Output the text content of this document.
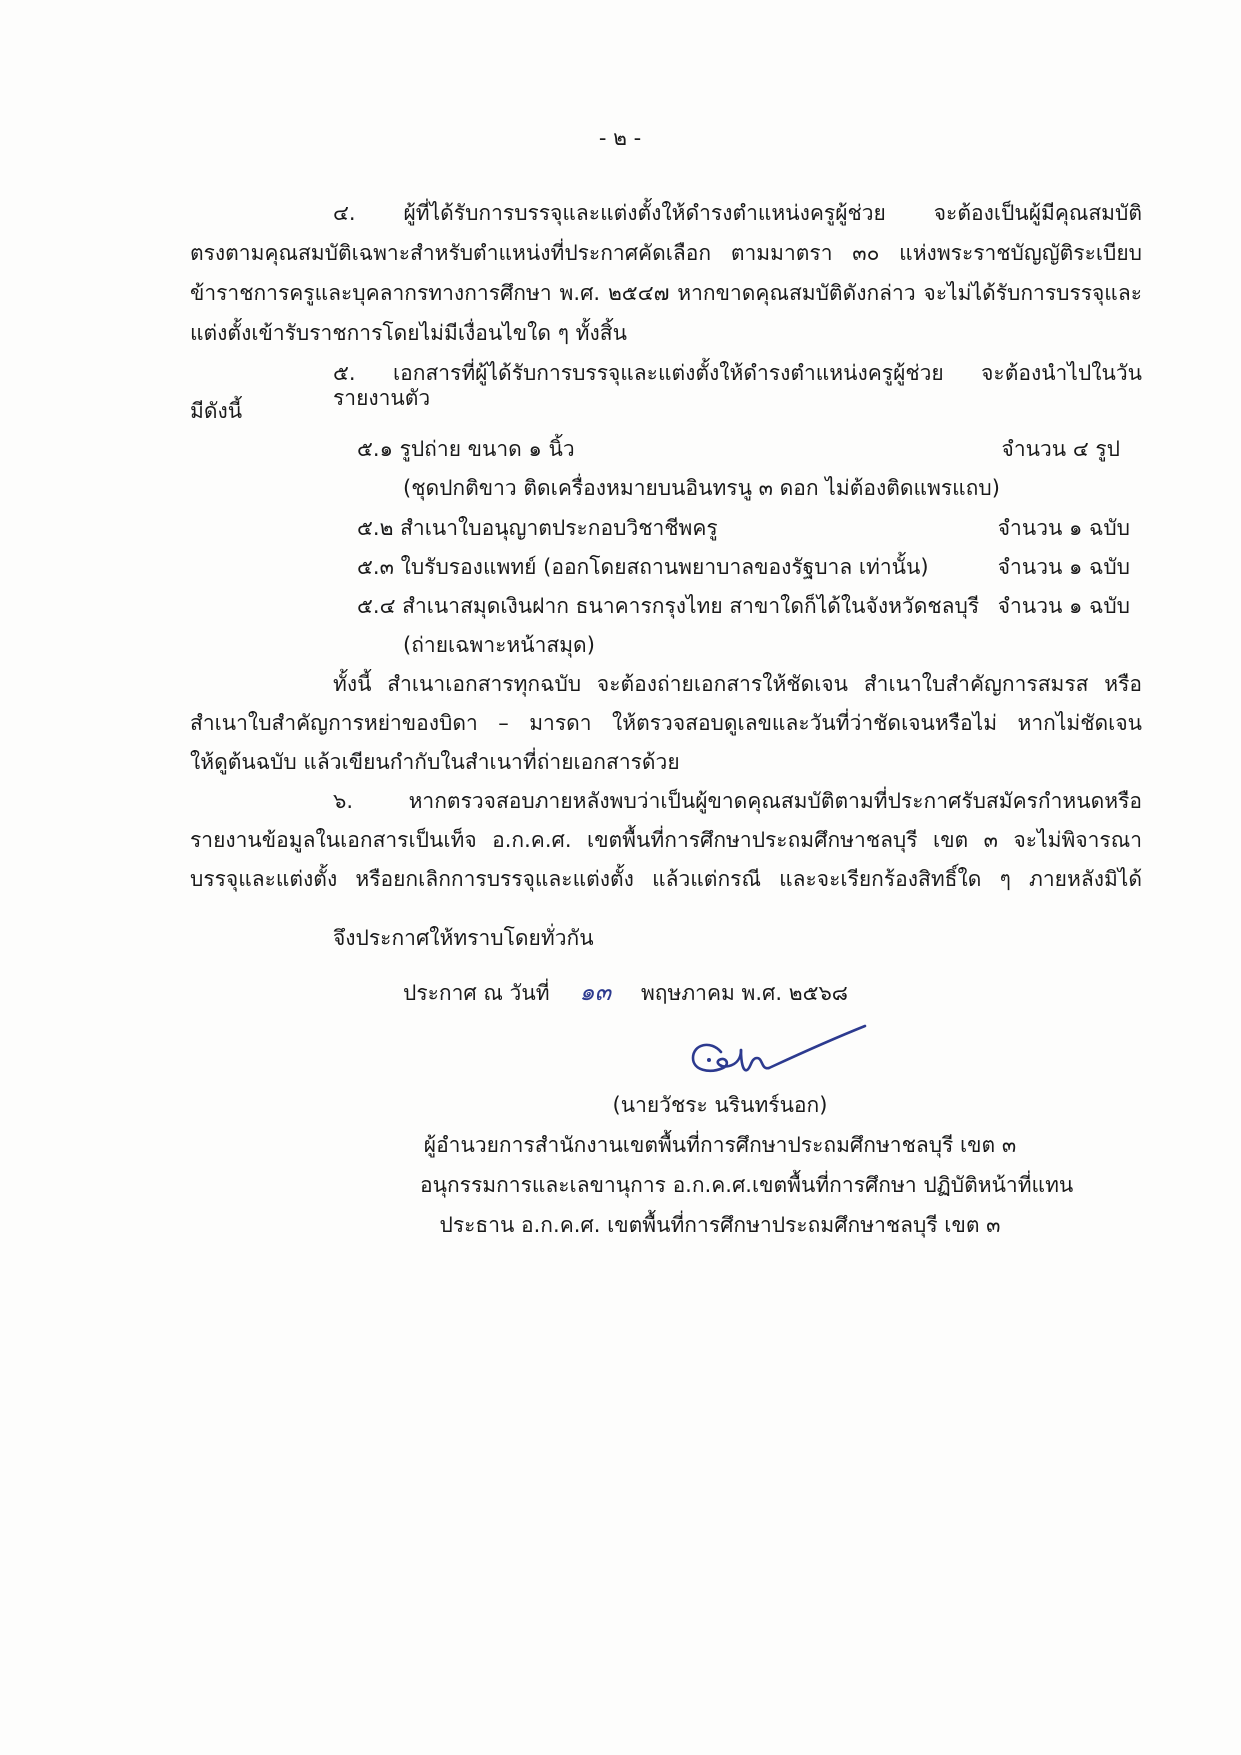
- ๒ -
๔. ผู้ที่ได้รับการบรรจุและแต่งตั้งให้ดำรงตำแหน่งครูผู้ช่วย จะต้องเป็นผู้มีคุณสมบัติ
ตรงตามคุณสมบัติเฉพาะสำหรับตำแหน่งที่ประกาศคัดเลือก ตามมาตรา ๓๐ แห่งพระราชบัญญัติระเบียบ
ข้าราชการครูและบุคลากรทางการศึกษา พ.ศ. ๒๕๔๗ หากขาดคุณสมบัติดังกล่าว จะไม่ได้รับการบรรจุและ
แต่งตั้งเข้ารับราชการโดยไม่มีเงื่อนไขใด ๆ ทั้งสิ้น
๕. เอกสารที่ผู้ได้รับการบรรจุและแต่งตั้งให้ดำรงตำแหน่งครูผู้ช่วย จะต้องนำไปในวันรายงานตัว
มีดังนี้
๕.๑ รูปถ่าย ขนาด ๑ นิ้ว	จำนวน ๔ รูป
(ชุดปกติขาว ติดเครื่องหมายบนอินทรนู ๓ ดอก ไม่ต้องติดแพรแถบ)
๕.๒ สำเนาใบอนุญาตประกอบวิชาชีพครู	จำนวน ๑ ฉบับ
๕.๓ ใบรับรองแพทย์ (ออกโดยสถานพยาบาลของรัฐบาล เท่านั้น)	จำนวน ๑ ฉบับ
๕.๔ สำเนาสมุดเงินฝาก ธนาคารกรุงไทย สาขาใดก็ได้ในจังหวัดชลบุรี จำนวน ๑ ฉบับ
(ถ่ายเฉพาะหน้าสมุด)
ทั้งนี้ สำเนาเอกสารทุกฉบับ จะต้องถ่ายเอกสารให้ชัดเจน สำเนาใบสำคัญการสมรส หรือ
สำเนาใบสำคัญการหย่าของบิดา – มารดา ให้ตรวจสอบดูเลขและวันที่ว่าชัดเจนหรือไม่ หากไม่ชัดเจน
ให้ดูต้นฉบับ แล้วเขียนกำกับในสำเนาที่ถ่ายเอกสารด้วย
๖. หากตรวจสอบภายหลังพบว่าเป็นผู้ขาดคุณสมบัติตามที่ประกาศรับสมัครกำหนดหรือ
รายงานข้อมูลในเอกสารเป็นเท็จ อ.ก.ค.ศ. เขตพื้นที่การศึกษาประถมศึกษาชลบุรี เขต ๓ จะไม่พิจารณา
บรรจุและแต่งตั้ง หรือยกเลิกการบรรจุและแต่งตั้ง แล้วแต่กรณี และจะเรียกร้องสิทธิ์ใด ๆ ภายหลังมิได้
จึงประกาศให้ทราบโดยทั่วกัน
ประกาศ ณ วันที่ ๑๓ พฤษภาคม พ.ศ. ๒๕๖๘
(นายวัชระ นรินทร์นอก)
ผู้อำนวยการสำนักงานเขตพื้นที่การศึกษาประถมศึกษาชลบุรี เขต ๓
อนุกรรมการและเลขานุการ อ.ก.ค.ศ.เขตพื้นที่การศึกษา ปฏิบัติหน้าที่แทน
ประธาน อ.ก.ค.ศ. เขตพื้นที่การศึกษาประถมศึกษาชลบุรี เขต ๓
